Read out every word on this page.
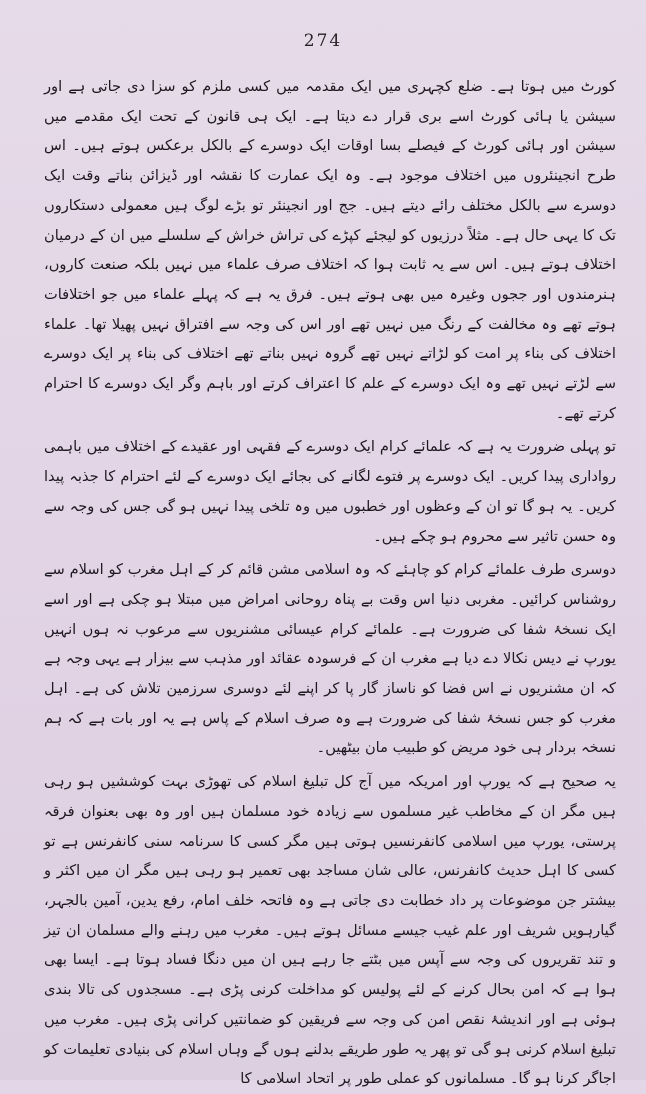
274

کورٹ میں ہوتا ہے۔ ضلع کچہری میں ایک مقدمہ میں کسی ملزم کو سزا دی جاتی ہے اور سیشن یا ہائی کورٹ اسے بری قرار دے دیتا ہے۔ ایک ہی قانون کے تحت ایک مقدمے میں سیشن اور ہائی کورٹ کے فیصلے بسا اوقات ایک دوسرے کے بالکل برعکس ہوتے ہیں۔ اس طرح انجینئروں میں اختلاف موجود ہے۔ وہ ایک عمارت کا نقشہ اور ڈیزائن بناتے وقت ایک دوسرے سے بالکل مختلف رائے دیتے ہیں۔ جج اور انجینئر تو بڑے لوگ ہیں معمولی دستکاروں تک کا یہی حال ہے۔ مثلاً درزیوں کو لیجئے کپڑے کی تراش خراش کے سلسلے میں ان کے درمیان اختلاف ہوتے ہیں۔ اس سے یہ ثابت ہوا کہ اختلاف صرف علماء میں نہیں بلکہ صنعت کاروں، ہنرمندوں اور ججوں وغیرہ میں بھی ہوتے ہیں۔ فرق یہ ہے کہ پہلے علماء میں جو اختلافات ہوتے تھے وہ مخالفت کے رنگ میں نہیں تھے اور اس کی وجہ سے افتراق نہیں پھیلا تھا۔ علماء اختلاف کی بناء پر امت کو لڑاتے نہیں تھے گروہ نہیں بناتے تھے اختلاف کی بناء پر ایک دوسرے سے لڑتے نہیں تھے وہ ایک دوسرے کے علم کا اعتراف کرتے اور باہم وگر ایک دوسرے کا احترام کرتے تھے۔

تو پہلی ضرورت یہ ہے کہ علمائے کرام ایک دوسرے کے فقہی اور عقیدے کے اختلاف میں باہمی رواداری پیدا کریں۔ ایک دوسرے پر فتوے لگانے کی بجائے ایک دوسرے کے لئے احترام کا جذبہ پیدا کریں۔ یہ ہو گا تو ان کے وعظوں اور خطبوں میں وہ تلخی پیدا نہیں ہو گی جس کی وجہ سے وہ حسن تاثیر سے محروم ہو چکے ہیں۔

دوسری طرف علمائے کرام کو چاہئے کہ وہ اسلامی مشن قائم کر کے اہل مغرب کو اسلام سے روشناس کرائیں۔ مغربی دنیا اس وقت بے پناہ روحانی امراض میں مبتلا ہو چکی ہے اور اسے ایک نسخۂ شفا کی ضرورت ہے۔ علمائے کرام عیسائی مشنریوں سے مرعوب نہ ہوں انہیں یورپ نے دیس نکالا دے دیا ہے مغرب ان کے فرسودہ عقائد اور مذہب سے بیزار ہے یہی وجہ ہے کہ ان مشنریوں نے اس فضا کو ناساز گار پا کر اپنے لئے دوسری سرزمین تلاش کی ہے۔ اہل مغرب کو جس نسخۂ شفا کی ضرورت ہے وہ صرف اسلام کے پاس ہے یہ اور بات ہے کہ ہم نسخہ بردار ہی خود مریض کو طبیب مان بیٹھیں۔

یہ صحیح ہے کہ یورپ اور امریکہ میں آج کل تبلیغ اسلام کی تھوڑی بہت کوششیں ہو رہی ہیں مگر ان کے مخاطب غیر مسلموں سے زیادہ خود مسلمان ہیں اور وہ بھی بعنوان فرقہ پرستی، یورپ میں اسلامی کانفرنسیں ہوتی ہیں مگر کسی کا سرنامہ سنی کانفرنس ہے تو کسی کا اہل حدیث کانفرنس، عالی شان مساجد بھی تعمیر ہو رہی ہیں مگر ان میں اکثر و بیشتر جن موضوعات پر داد خطابت دی جاتی ہے وہ فاتحہ خلف امام، رفع یدین، آمین بالجہر، گیارہویں شریف اور علم غیب جیسے مسائل ہوتے ہیں۔ مغرب میں رہنے والے مسلمان ان تیز و تند تقریروں کی وجہ سے آپس میں بٹتے جا رہے ہیں ان میں دنگا فساد ہوتا ہے۔ ایسا بھی ہوا ہے کہ امن بحال کرنے کے لئے پولیس کو مداخلت کرنی پڑی ہے۔ مسجدوں کی تالا بندی ہوئی ہے اور اندیشۂ نقص امن کی وجہ سے فریقین کو ضمانتیں کرانی پڑی ہیں۔ مغرب میں تبلیغ اسلام کرنی ہو گی تو پھر یہ طور طریقے بدلنے ہوں گے وہاں اسلام کی بنیادی تعلیمات کو اجاگر کرنا ہو گا۔ مسلمانوں کو عملی طور پر اتحاد اسلامی کا
